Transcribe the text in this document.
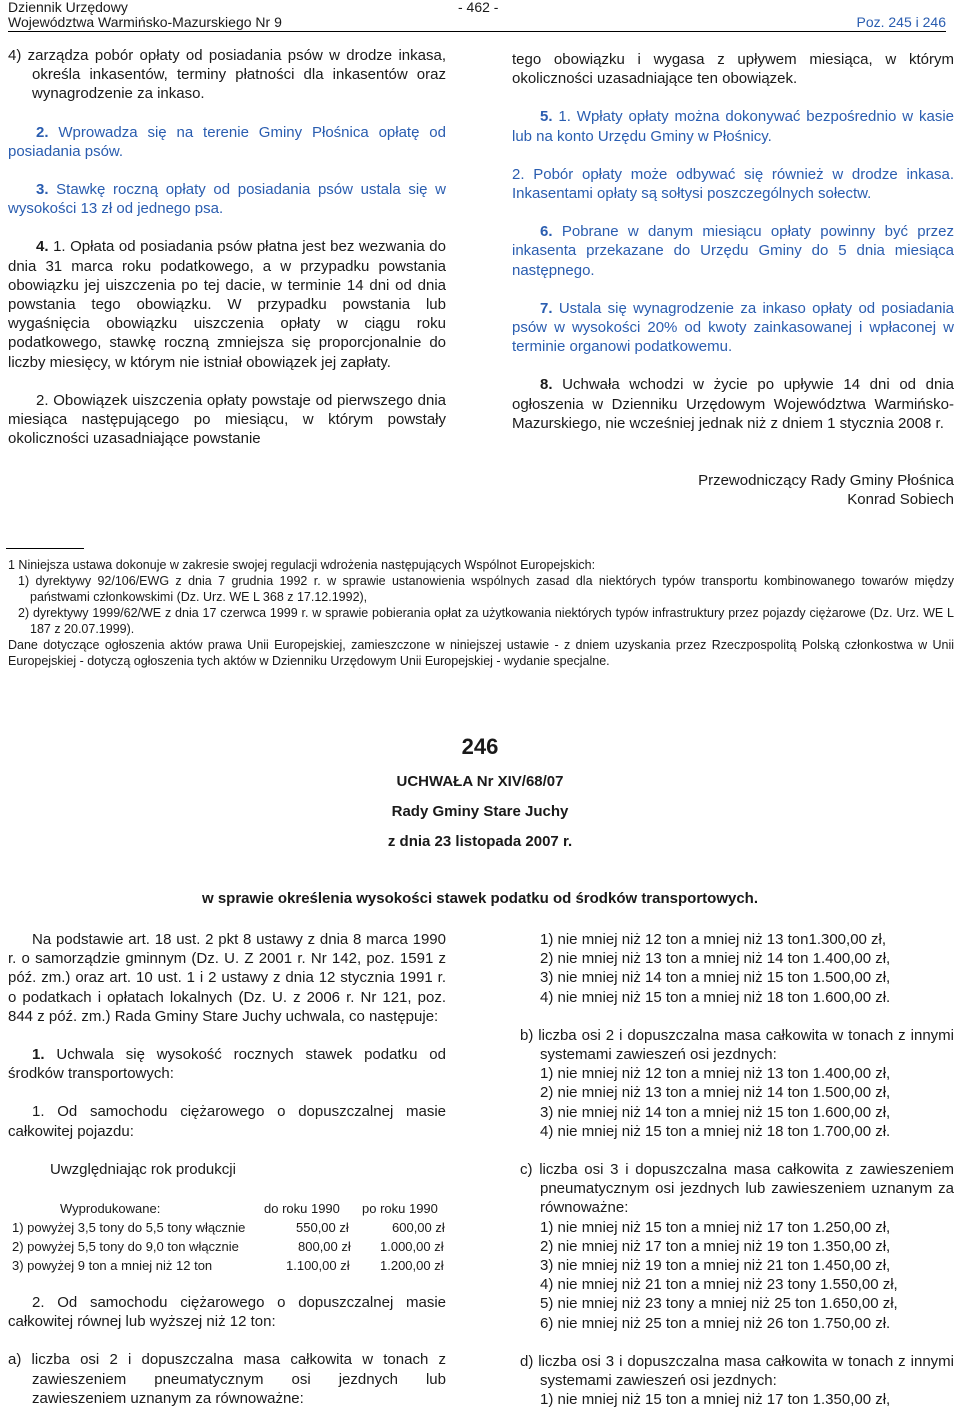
Dziennik Urzędowy
Województwa Warmińsko-Mazurskiego Nr 9
- 462 -
Poz. 245 i 246

4) zarządza pobór opłaty od posiadania psów w drodze inkasa, określa inkasentów, terminy płatności dla inkasentów oraz wynagrodzenie za inkaso.

2. Wprowadza się na terenie Gminy Płośnica opłatę od posiadania psów.

3. Stawkę roczną opłaty od posiadania psów ustala się w wysokości 13 zł od jednego psa.

4. 1. Opłata od posiadania psów płatna jest bez wezwania do dnia 31 marca roku podatkowego, a w przypadku powstania obowiązku jej uiszczenia po tej dacie, w terminie 14 dni od dnia powstania tego obowiązku. W przypadku powstania lub wygaśnięcia obowiązku uiszczenia opłaty w ciągu roku podatkowego, stawkę roczną zmniejsza się proporcjonalnie do liczby miesięcy, w którym nie istniał obowiązek jej zapłaty.

2. Obowiązek uiszczenia opłaty powstaje od pierwszego dnia miesiąca następującego po miesiącu, w którym powstały okoliczności uzasadniające powstanie

tego obowiązku i wygasa z upływem miesiąca, w którym okoliczności uzasadniające ten obowiązek.

5. 1. Wpłaty opłaty można dokonywać bezpośrednio w kasie lub na konto Urzędu Gminy w Płośnicy.

2. Pobór opłaty może odbywać się również w drodze inkasa. Inkasentami opłaty są sołtysi poszczególnych sołectw.

6. Pobrane w danym miesiącu opłaty powinny być przez inkasenta przekazane do Urzędu Gminy do 5 dnia miesiąca następnego.

7. Ustala się wynagrodzenie za inkaso opłaty od posiadania psów w wysokości 20% od kwoty zainkasowanej i wpłaconej w terminie organowi podatkowemu.

8. Uchwała wchodzi w życie po upływie 14 dni od dnia ogłoszenia w Dzienniku Urzędowym Województwa Warmińsko-Mazurskiego, nie wcześniej jednak niż z dniem 1 stycznia 2008 r.

Przewodniczący Rady Gminy Płośnica

Konrad Sobiech

1 Niniejsza ustawa dokonuje w zakresie swojej regulacji wdrożenia następujących Wspólnot Europejskich:

1) dyrektywy 92/106/EWG z dnia 7 grudnia 1992 r. w sprawie ustanowienia wspólnych zasad dla niektórych typów transportu kombinowanego towarów między państwami członkowskimi (Dz. Urz. WE L 368 z 17.12.1992),

2) dyrektywy 1999/62/WE z dnia 17 czerwca 1999 r. w sprawie pobierania opłat za użytkowania niektórych typów infrastruktury przez pojazdy ciężarowe (Dz. Urz. WE L 187 z 20.07.1999).

Dane dotyczące ogłoszenia aktów prawa Unii Europejskiej, zamieszczone w niniejszej ustawie - z dniem uzyskania przez Rzeczpospolitą Polską członkostwa w Unii Europejskiej - dotyczą ogłoszenia tych aktów w Dzienniku Urzędowym Unii Europejskiej - wydanie specjalne.

246
UCHWAŁA Nr XIV/68/07
Rady Gminy Stare Juchy
z dnia 23 listopada 2007 r.
w sprawie określenia wysokości stawek podatku od środków transportowych.

Na podstawie art. 18 ust. 2 pkt 8 ustawy z dnia 8 marca 1990 r. o samorządzie gminnym (Dz. U. Z 2001 r. Nr 142, poz. 1591 z póź. zm.) oraz art. 10 ust. 1 i 2 ustawy z dnia 12 stycznia 1991 r. o podatkach i opłatach lokalnych (Dz. U. z 2006 r. Nr 121, poz. 844 z póź. zm.) Rada Gminy Stare Juchy uchwala, co następuje:

1. Uchwala się wysokość rocznych stawek podatku od środków transportowych:

1. Od samochodu ciężarowego o dopuszczalnej masie całkowitej pojazdu:

Uwzględniając rok produkcji

Wyprodukowane:	do roku 1990 po roku 1990
1) powyżej 3,5 tony do 5,5 tony włącznie	550,00 zł	600,00 zł
2) powyżej 5,5 tony do 9,0 ton włącznie	800,00 zł 1.000,00 zł
3) powyżej 9 ton a mniej niż 12 ton	1.100,00 zł 1.200,00 zł

2. Od samochodu ciężarowego o dopuszczalnej masie całkowitej równej lub wyższej niż 12 ton:

a) liczba osi 2 i dopuszczalna masa całkowita w tonach z zawieszeniem pneumatycznym osi jezdnych lub zawieszeniem uznanym za równoważne:

1) nie mniej niż 12 ton a mniej niż 13 ton1.300,00 zł,
2) nie mniej niż 13 ton a mniej niż 14 ton 1.400,00 zł,
3) nie mniej niż 14 ton a mniej niż 15 ton 1.500,00 zł,
4) nie mniej niż 15 ton a mniej niż 18 ton 1.600,00 zł.

b) liczba osi 2 i dopuszczalna masa całkowita w tonach z innymi systemami zawieszeń osi jezdnych:

1) nie mniej niż 12 ton a mniej niż 13 ton 1.400,00 zł,
2) nie mniej niż 13 ton a mniej niż 14 ton 1.500,00 zł,
3) nie mniej niż 14 ton a mniej niż 15 ton 1.600,00 zł,
4) nie mniej niż 15 ton a mniej niż 18 ton 1.700,00 zł.

c) liczba osi 3 i dopuszczalna masa całkowita z zawieszeniem pneumatycznym osi jezdnych lub zawieszeniem uznanym za równoważne:

1) nie mniej niż 15 ton a mniej niż 17 ton 1.250,00 zł,
2) nie mniej niż 17 ton a mniej niż 19 ton 1.350,00 zł,
3) nie mniej niż 19 ton a mniej niż 21 ton 1.450,00 zł,
4) nie mniej niż 21 ton a mniej niż 23 tony 1.550,00 zł,
5) nie mniej niż 23 tony a mniej niż 25 ton 1.650,00 zł,
6) nie mniej niż 25 ton a mniej niż 26 ton 1.750,00 zł.

d) liczba osi 3 i dopuszczalna masa całkowita w tonach z innymi systemami zawieszeń osi jezdnych:

1) nie mniej niż 15 ton a mniej niż 17 ton 1.350,00 zł,
